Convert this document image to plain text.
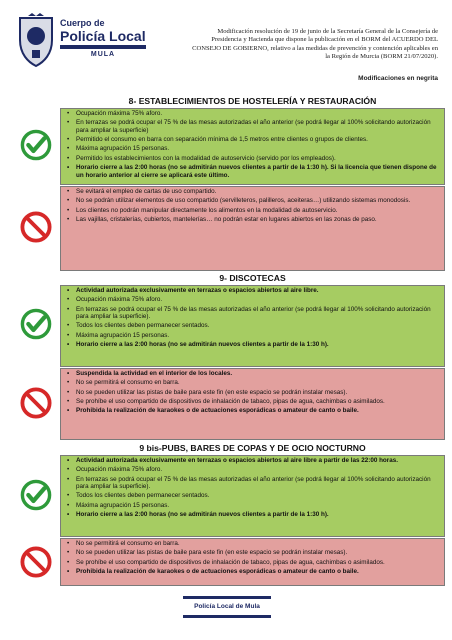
Cuerpo de
Policía Local
MULA
Modificación resolución de 19 de junio de la Secretaría General de la Consejería de
Presidencia y Hacienda que dispone la publicación en el BORM del ACUERDO DEL
CONSEJO DE GOBIERNO, relativo a las medidas de prevención y contención aplicables en
la Región de Murcia (BORM 21/07/2020).
Modificaciones en negrita
8- ESTABLECIMIENTOS DE HOSTELERÍA Y RESTAURACIÓN
• Ocupación máxima 75% aforo.
• En terrazas se podrá ocupar el 75 % de las mesas autorizadas el año anterior (se podrá llegar al 100% solicitando autorización para ampliar la superficie)
• Permitido el consumo en barra con separación mínima de 1,5 metros entre clientes o grupos de clientes.
• Máxima agrupación 15 personas.
• Permitido los establecimientos con la modalidad de autoservicio (servido por los empleados).
• Horario cierre a las 2:00 horas (no se admitirán nuevos clientes a partir de la 1:30 h). Si la licencia que tienen dispone de un horario anterior al cierre se aplicará este último.
• Se evitará el empleo de cartas de uso compartido.
• No se podrán utilizar elementos de uso compartido (servilleteros, palilleros, aceiteras…) utilizando sistemas monodosis.
• Los clientes no podrán manipular directamente los alimentos en la modalidad de autoservicio.
• Las vajillas, cristalerías, cubiertos, mantelerías… no podrán estar en lugares abiertos en las zonas de paso.
9- DISCOTECAS
• Actividad autorizada exclusivamente en terrazas o espacios abiertos al aire libre.
• Ocupación máxima 75% aforo.
• En terrazas se podrá ocupar el 75 % de las mesas autorizadas el año anterior (se podrá llegar al 100% solicitando autorización para ampliar la superficie).
• Todos los clientes deben permanecer sentados.
• Máxima agrupación 15 personas.
• Horario cierre a las 2:00 horas (no se admitirán nuevos clientes a partir de la 1:30 h).
• Suspendida la actividad en el interior de los locales.
• No se permitirá el consumo en barra.
• No se pueden utilizar las pistas de baile para este fin (en este espacio se podrán instalar mesas).
• Se prohíbe el uso compartido de dispositivos de inhalación de tabaco, pipas de agua, cachimbas o asimilados.
• Prohibida la realización de karaokes o de actuaciones esporádicas o amateur de canto o baile.
9 bis-PUBS, BARES DE COPAS Y DE OCIO NOCTURNO
• Actividad autorizada exclusivamente en terrazas o espacios abiertos al aire libre a partir de las 22:00 horas.
• Ocupación máxima 75% aforo.
• En terrazas se podrá ocupar el 75 % de las mesas autorizadas el año anterior (se podrá llegar al 100% solicitando autorización para ampliar la superficie).
• Todos los clientes deben permanecer sentados.
• Máxima agrupación 15 personas.
• Horario cierre a las 2:00 horas (no se admitirán nuevos clientes a partir de la 1:30 h).
• No se permitirá el consumo en barra.
• No se pueden utilizar las pistas de baile para este fin (en este espacio se podrán instalar mesas).
• Se prohíbe el uso compartido de dispositivos de inhalación de tabaco, pipas de agua, cachimbas o asimilados.
• Prohibida la realización de karaokes o de actuaciones esporádicas o amateur de canto o baile.
Policía Local de Mula
